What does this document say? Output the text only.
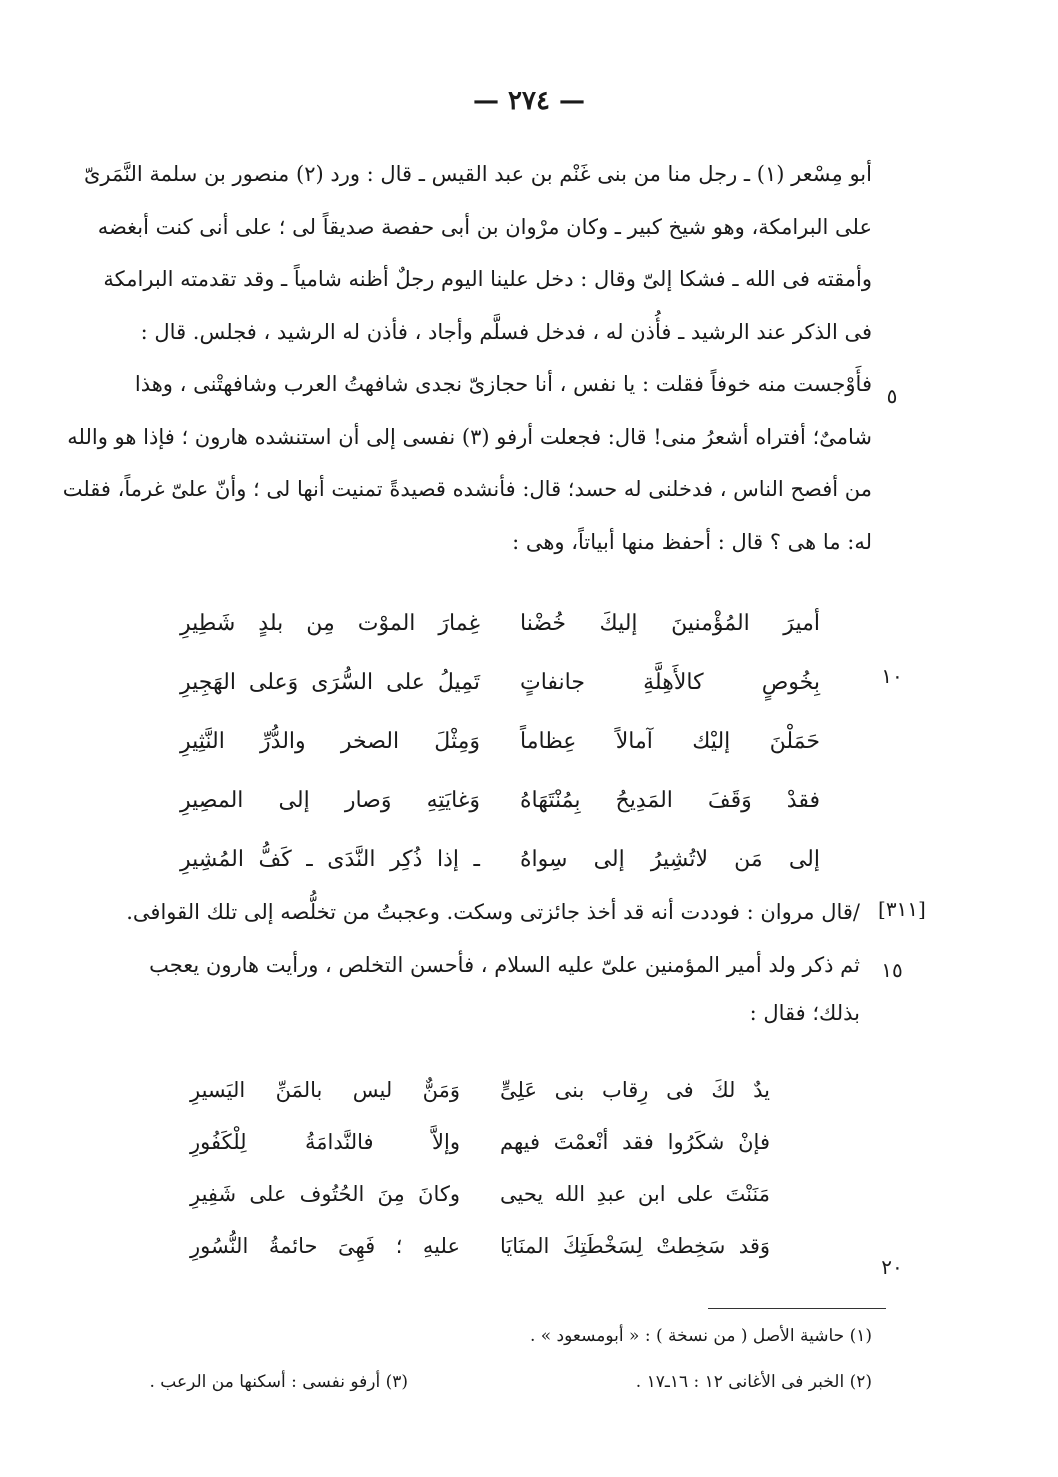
— ٢٧٤ —
أبو مِسْعر (١) ـ رجل منا من بنى غَنْم بن عبد القيس ـ قال : ورد (٢) منصور بن سلمة النَّمَرىّ
على البرامكة، وهو شيخ كبير ـ وكان مرْوان بن أبى حفصة صديقاً لى ؛ على أنى كنت أبغضه
وأمقته فى الله ـ فشكا إلىّ وقال : دخل علينا اليوم رجلٌ أظنه شامياً ـ وقد تقدمته البرامكة
فى الذكر عند الرشيد ـ فأُذن له ، فدخل فسلَّم وأجاد ، فأذن له الرشيد ، فجلس. قال :
فأَوْجست منه خوفاً فقلت : يا نفس ، أنا حجازىّ نجدى شافهتُ العرب وشافهتْنى ، وهذا
شامىٌ؛ أفتراه أشعرُ منى! قال: فجعلت أرفو (٣) نفسى إلى أن استنشده هارون ؛ فإذا هو والله
من أفصح الناس ، فدخلنى له حسد؛ قال: فأنشده قصيدةً تمنيت أنها لى ؛ وأنّ علىّ غرماً، فقلت
له: ما هى ؟ قال : أحفظ منها أبياتاً، وهى :
٥
أميرَ المُؤْمنينَ إليكَ خُضْنا
غِمارَ الموْت مِن بلدٍ شَطِيرِ
بِخُوصٍ كالأَهِلَّةِ جانفاتٍ
تَمِيلُ على السُّرَى وَعلى الهَجِيرِ
حَمَلْنَ إليْك آمالاً عِظاماً
وَمِثْلَ الصخر والدُّرِّ النَّثِيرِ
فقدْ وَقَفَ المَدِيحُ بِمُنْتَهَاهُ
وَغايَتِهِ وَصار إلى المصِيرِ
إلى مَن لاتُشِيرُ إلى سِواهُ
ـ إذا ذُكِر النَّدَى ـ كَفُّ المُشِيرِ
١٠
[٣١١]
/قال مروان : فوددت أنه قد أخذ جائزتى وسكت. وعجبتُ من تخلُّصه إلى تلك القوافى.
ثم ذكر ولد أمير المؤمنين علىّ عليه السلام ، فأحسن التخلص ، ورأيت هارون يعجب
بذلك؛ فقال :
١٥
يدٌ لكَ فى رِقاب بنى عَلِىٍّ
وَمَنٌّ ليس بالمَنِّ اليَسيرِ
فإنْ شكَرُوا فقد أنْعمْتَ فيهم
وإلاَّ فالنَّدامَةُ لِلْكَفُورِ
مَنَنْتَ على ابن عبدِ الله يحيى
وكانَ مِنَ الحُتُوف على شَفِيرِ
وَقد سَخِطتْ لِسَخْطَتِكَ المنَايَا
عليهِ ؛ فَهِىَ حائمةُ النُّسُورِ
٢٠
(١) حاشية الأصل ( من نسخة ) : « أبومسعود » .
(٢) الخبر فى الأغانى ١٢ : ١٦ـ١٧ .
(٣) أرفو نفسى : أسكنها من الرعب .
